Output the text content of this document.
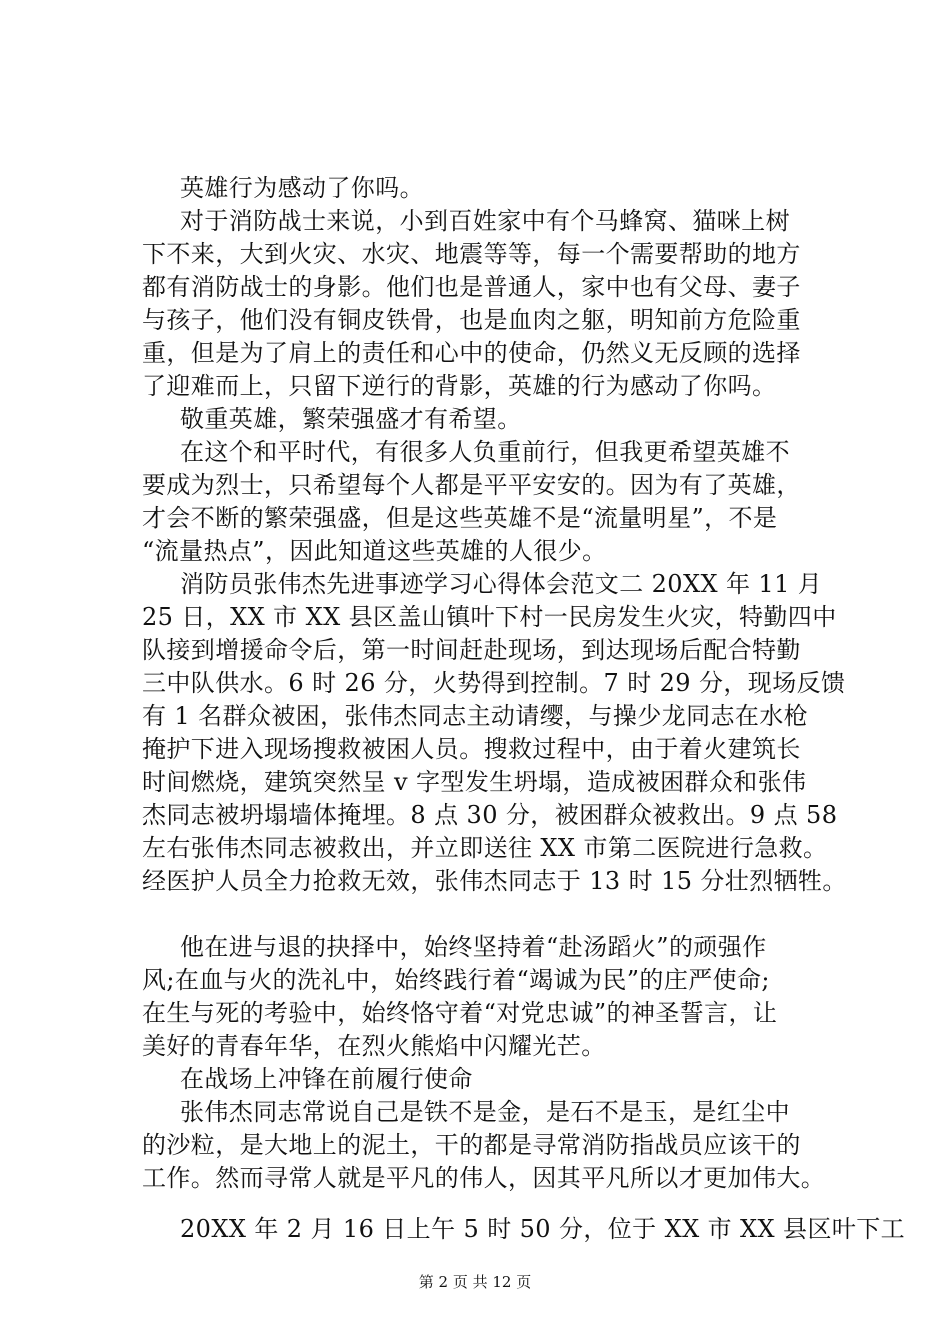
英雄行为感动了你吗。
对于消防战士来说，小到百姓家中有个马蜂窝、猫咪上树
下不来，大到火灾、水灾、地震等等，每一个需要帮助的地方
都有消防战士的身影。他们也是普通人，家中也有父母、妻子
与孩子，他们没有铜皮铁骨，也是血肉之躯，明知前方危险重
重，但是为了肩上的责任和心中的使命，仍然义无反顾的选择
了迎难而上，只留下逆行的背影，英雄的行为感动了你吗。
敬重英雄，繁荣强盛才有希望。
在这个和平时代，有很多人负重前行，但我更希望英雄不
要成为烈士，只希望每个人都是平平安安的。因为有了英雄，
才会不断的繁荣强盛，但是这些英雄不是“流量明星”，不是
“流量热点”，因此知道这些英雄的人很少。
消防员张伟杰先进事迹学习心得体会范文二 20XX 年 11 月
25 日，XX 市 XX 县区盖山镇叶下村一民房发生火灾，特勤四中
队接到增援命令后，第一时间赶赴现场，到达现场后配合特勤
三中队供水。6 时 26 分，火势得到控制。7 时 29 分，现场反馈
有 1 名群众被困，张伟杰同志主动请缨，与操少龙同志在水枪
掩护下进入现场搜救被困人员。搜救过程中，由于着火建筑长
时间燃烧，建筑突然呈 v 字型发生坍塌，造成被困群众和张伟
杰同志被坍塌墙体掩埋。8 点 30 分，被困群众被救出。9 点 58
左右张伟杰同志被救出，并立即送往 XX 市第二医院进行急救。
经医护人员全力抢救无效，张伟杰同志于 13 时 15 分壮烈牺牲。
他在进与退的抉择中，始终坚持着“赴汤蹈火”的顽强作
风;在血与火的洗礼中，始终践行着“竭诚为民”的庄严使命;
在生与死的考验中，始终恪守着“对党忠诚”的神圣誓言，让
美好的青春年华，在烈火熊焰中闪耀光芒。
在战场上冲锋在前履行使命
张伟杰同志常说自己是铁不是金，是石不是玉，是红尘中
的沙粒，是大地上的泥土，干的都是寻常消防指战员应该干的
工作。然而寻常人就是平凡的伟人，因其平凡所以才更加伟大。
20XX 年 2 月 16 日上午 5 时 50 分，位于 XX 市 XX 县区叶下工
第 2 页 共 12 页
